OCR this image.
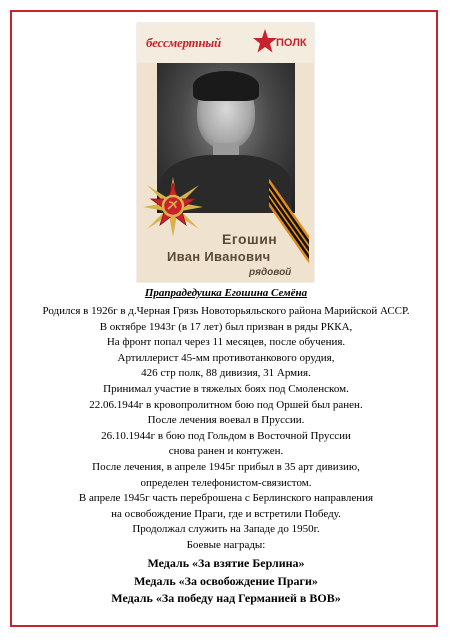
бессмертный	ПОЛК
Егошин
Иван Иванович
рядовой
Прапрадедушка Егошина Семёна
Родился в 1926г в д.Черная Грязь Новоторьяльского района Марийской АССР.
В октябре 1943г (в 17 лет) был призван в ряды РККА,
На фронт попал через 11 месяцев, после обучения.
Артиллерист 45-мм противотанкового орудия,
426 стр полк, 88 дивизия, 31 Армия.
Принимал участие в тяжелых боях под Смоленском.
22.06.1944г в кровопролитном бою под Оршей был ранен.
После лечения воевал в Пруссии.
26.10.1944г в бою под Гольдом в Восточной Пруссии
снова ранен и контужен.
После лечения, в апреле 1945г прибыл в 35 арт дивизию,
определен телефонистом-связистом.
В апреле 1945г часть переброшена с Берлинского направления
на освобождение Праги, где и встретили Победу.
Продолжал служить на Западе до 1950г.
Боевые награды:
Медаль «За взятие Берлина»
Медаль «За освобождение Праги»
Медаль «За победу над Германией в ВОВ»
